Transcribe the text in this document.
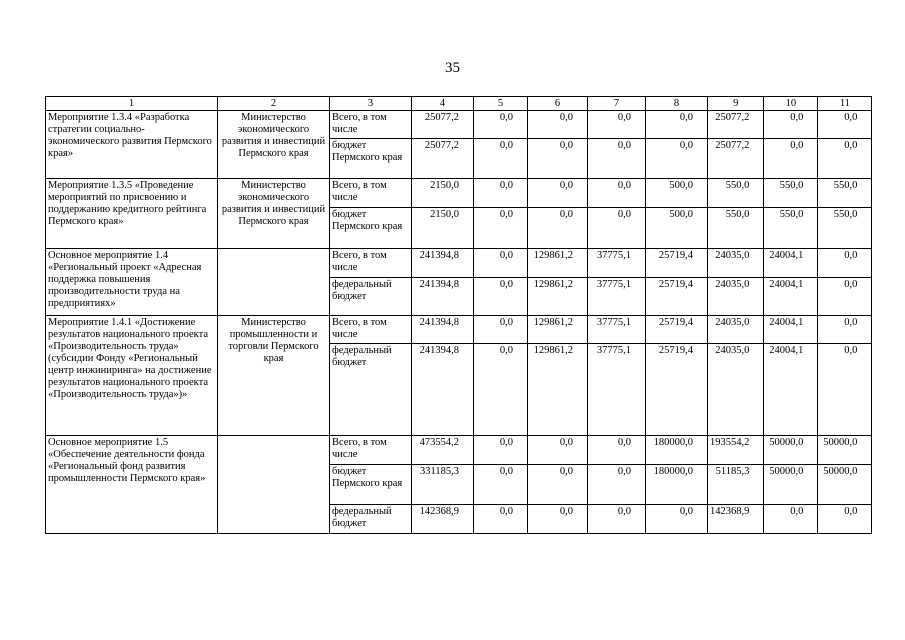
35
1	2	3	4	5	6	7	8	9	10	11
Мероприятие 1.3.4 «Разработка стратегии социально-экономического развития Пермского края»	Министерство экономического развития и инвестиций Пермского края	Всего, в том числе	25077,2	0,0	0,0	0,0	0,0	25077,2	0,0	0,0
		бюджет Пермского края	25077,2	0,0	0,0	0,0	0,0	25077,2	0,0	0,0
Мероприятие 1.3.5 «Проведение мероприятий по присвоению и поддержанию кредитного рейтинга Пермского края»	Министерство экономического развития и инвестиций Пермского края	Всего, в том числе	2150,0	0,0	0,0	0,0	500,0	550,0	550,0	550,0
		бюджет Пермского края	2150,0	0,0	0,0	0,0	500,0	550,0	550,0	550,0
Основное мероприятие 1.4 «Региональный проект «Адресная поддержка повышения производительности труда на предприятиях»		Всего, в том числе	241394,8	0,0	129861,2	37775,1	25719,4	24035,0	24004,1	0,0
		федеральный бюджет	241394,8	0,0	129861,2	37775,1	25719,4	24035,0	24004,1	0,0
Мероприятие 1.4.1 «Достижение результатов национального проекта «Производительность труда» (субсидии Фонду «Региональный центр инжиниринга» на достижение результатов национального проекта «Производительность труда»)»	Министерство промышленности и торговли Пермского края	Всего, в том числе	241394,8	0,0	129861,2	37775,1	25719,4	24035,0	24004,1	0,0
		федеральный бюджет	241394,8	0,0	129861,2	37775,1	25719,4	24035,0	24004,1	0,0
Основное мероприятие 1.5 «Обеспечение деятельности фонда «Региональный фонд развития промышленности Пермского края»		Всего, в том числе	473554,2	0,0	0,0	0,0	180000,0	193554,2	50000,0	50000,0
		бюджет Пермского края	331185,3	0,0	0,0	0,0	180000,0	51185,3	50000,0	50000,0
		федеральный бюджет	142368,9	0,0	0,0	0,0	0,0	142368,9	0,0	0,0
